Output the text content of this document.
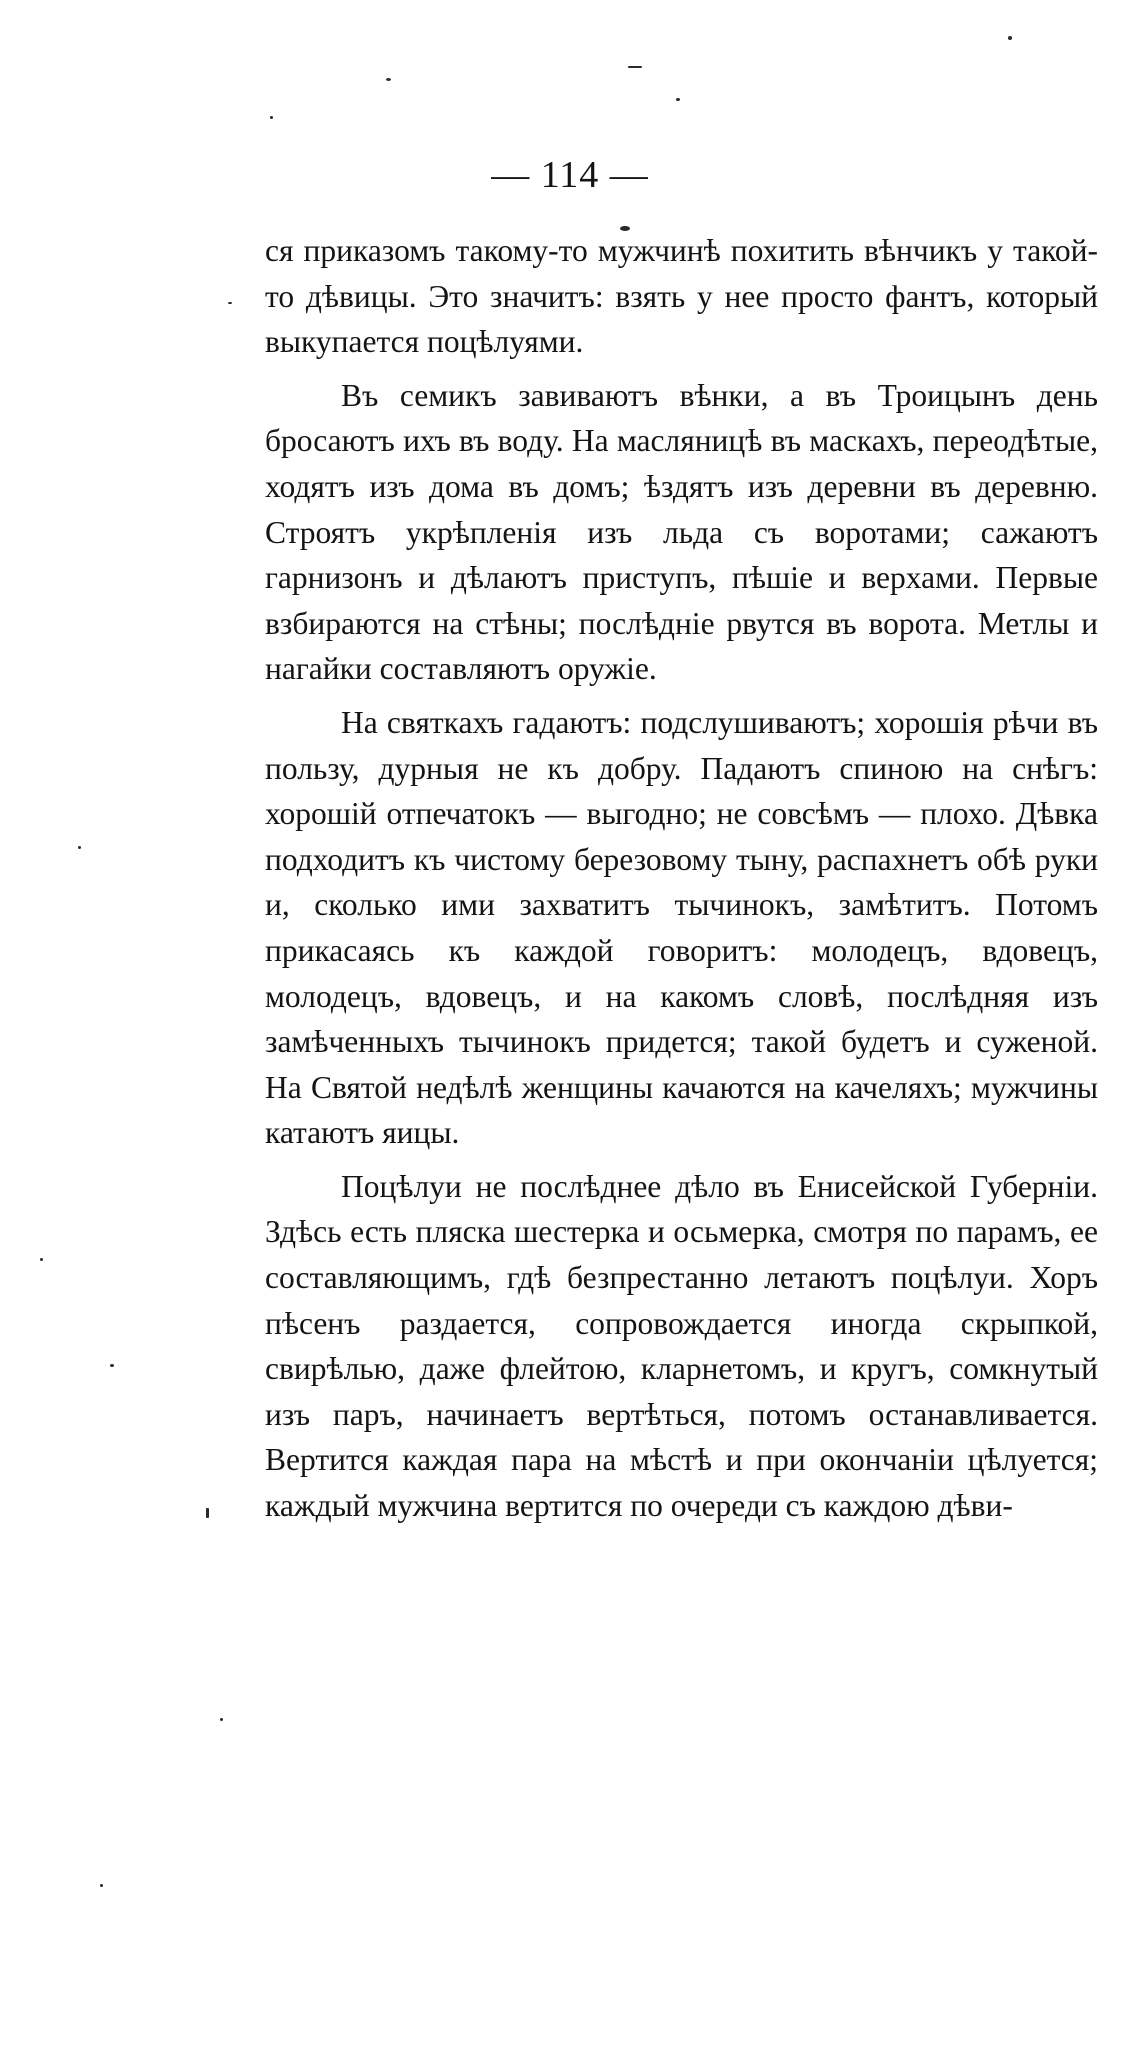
— 114 —

ся приказомъ такому-то мужчинѣ похитить вѣнчикъ у такой-то дѣвицы. Это значитъ: взять у нее просто фантъ, который выкупается поцѣлуями.

Въ семикъ завиваютъ вѣнки, а въ Троицынъ день бросаютъ ихъ въ воду. На масляницѣ въ маскахъ, переодѣтые, ходятъ изъ дома въ домъ; ѣздятъ изъ деревни въ деревню. Строятъ укрѣпленія изъ льда съ воротами; сажаютъ гарнизонъ и дѣлаютъ приступъ, пѣшіе и верхами. Первые взбираются на стѣны; послѣдніе рвутся въ ворота. Метлы и нагайки составляютъ оружіе.

На святкахъ гадаютъ: подслушиваютъ; хорошія рѣчи въ пользу, дурныя не къ добру. Падаютъ спиною на снѣгъ: хорошій отпечатокъ — выгодно; не совсѣмъ — плохо. Дѣвка подходитъ къ чистому березовому тыну, распахнетъ обѣ руки и, сколько ими захватитъ тычинокъ, замѣтитъ. Потомъ прикасаясь къ каждой говоритъ: молодецъ, вдовецъ, молодецъ, вдовецъ, и на какомъ словѣ, послѣдняя изъ замѣченныхъ тычинокъ придется; такой будетъ и суженой. На Святой недѣлѣ женщины качаются на качеляхъ; мужчины катаютъ яицы.

Поцѣлуи не послѣднее дѣло въ Енисейской Губерніи. Здѣсь есть пляска шестерка и осьмерка, смотря по парамъ, ее составляющимъ, гдѣ безпрестанно летаютъ поцѣлуи. Хоръ пѣсенъ раздается, сопровождается иногда скрыпкой, свирѣлью, даже флейтою, кларнетомъ, и кругъ, сомкнутый изъ паръ, начинаетъ вертѣться, потомъ останавливается. Вертится каждая пара на мѣстѣ и при окончаніи цѣлуется; каждый мужчина вертится по очереди съ каждою дѣви-
